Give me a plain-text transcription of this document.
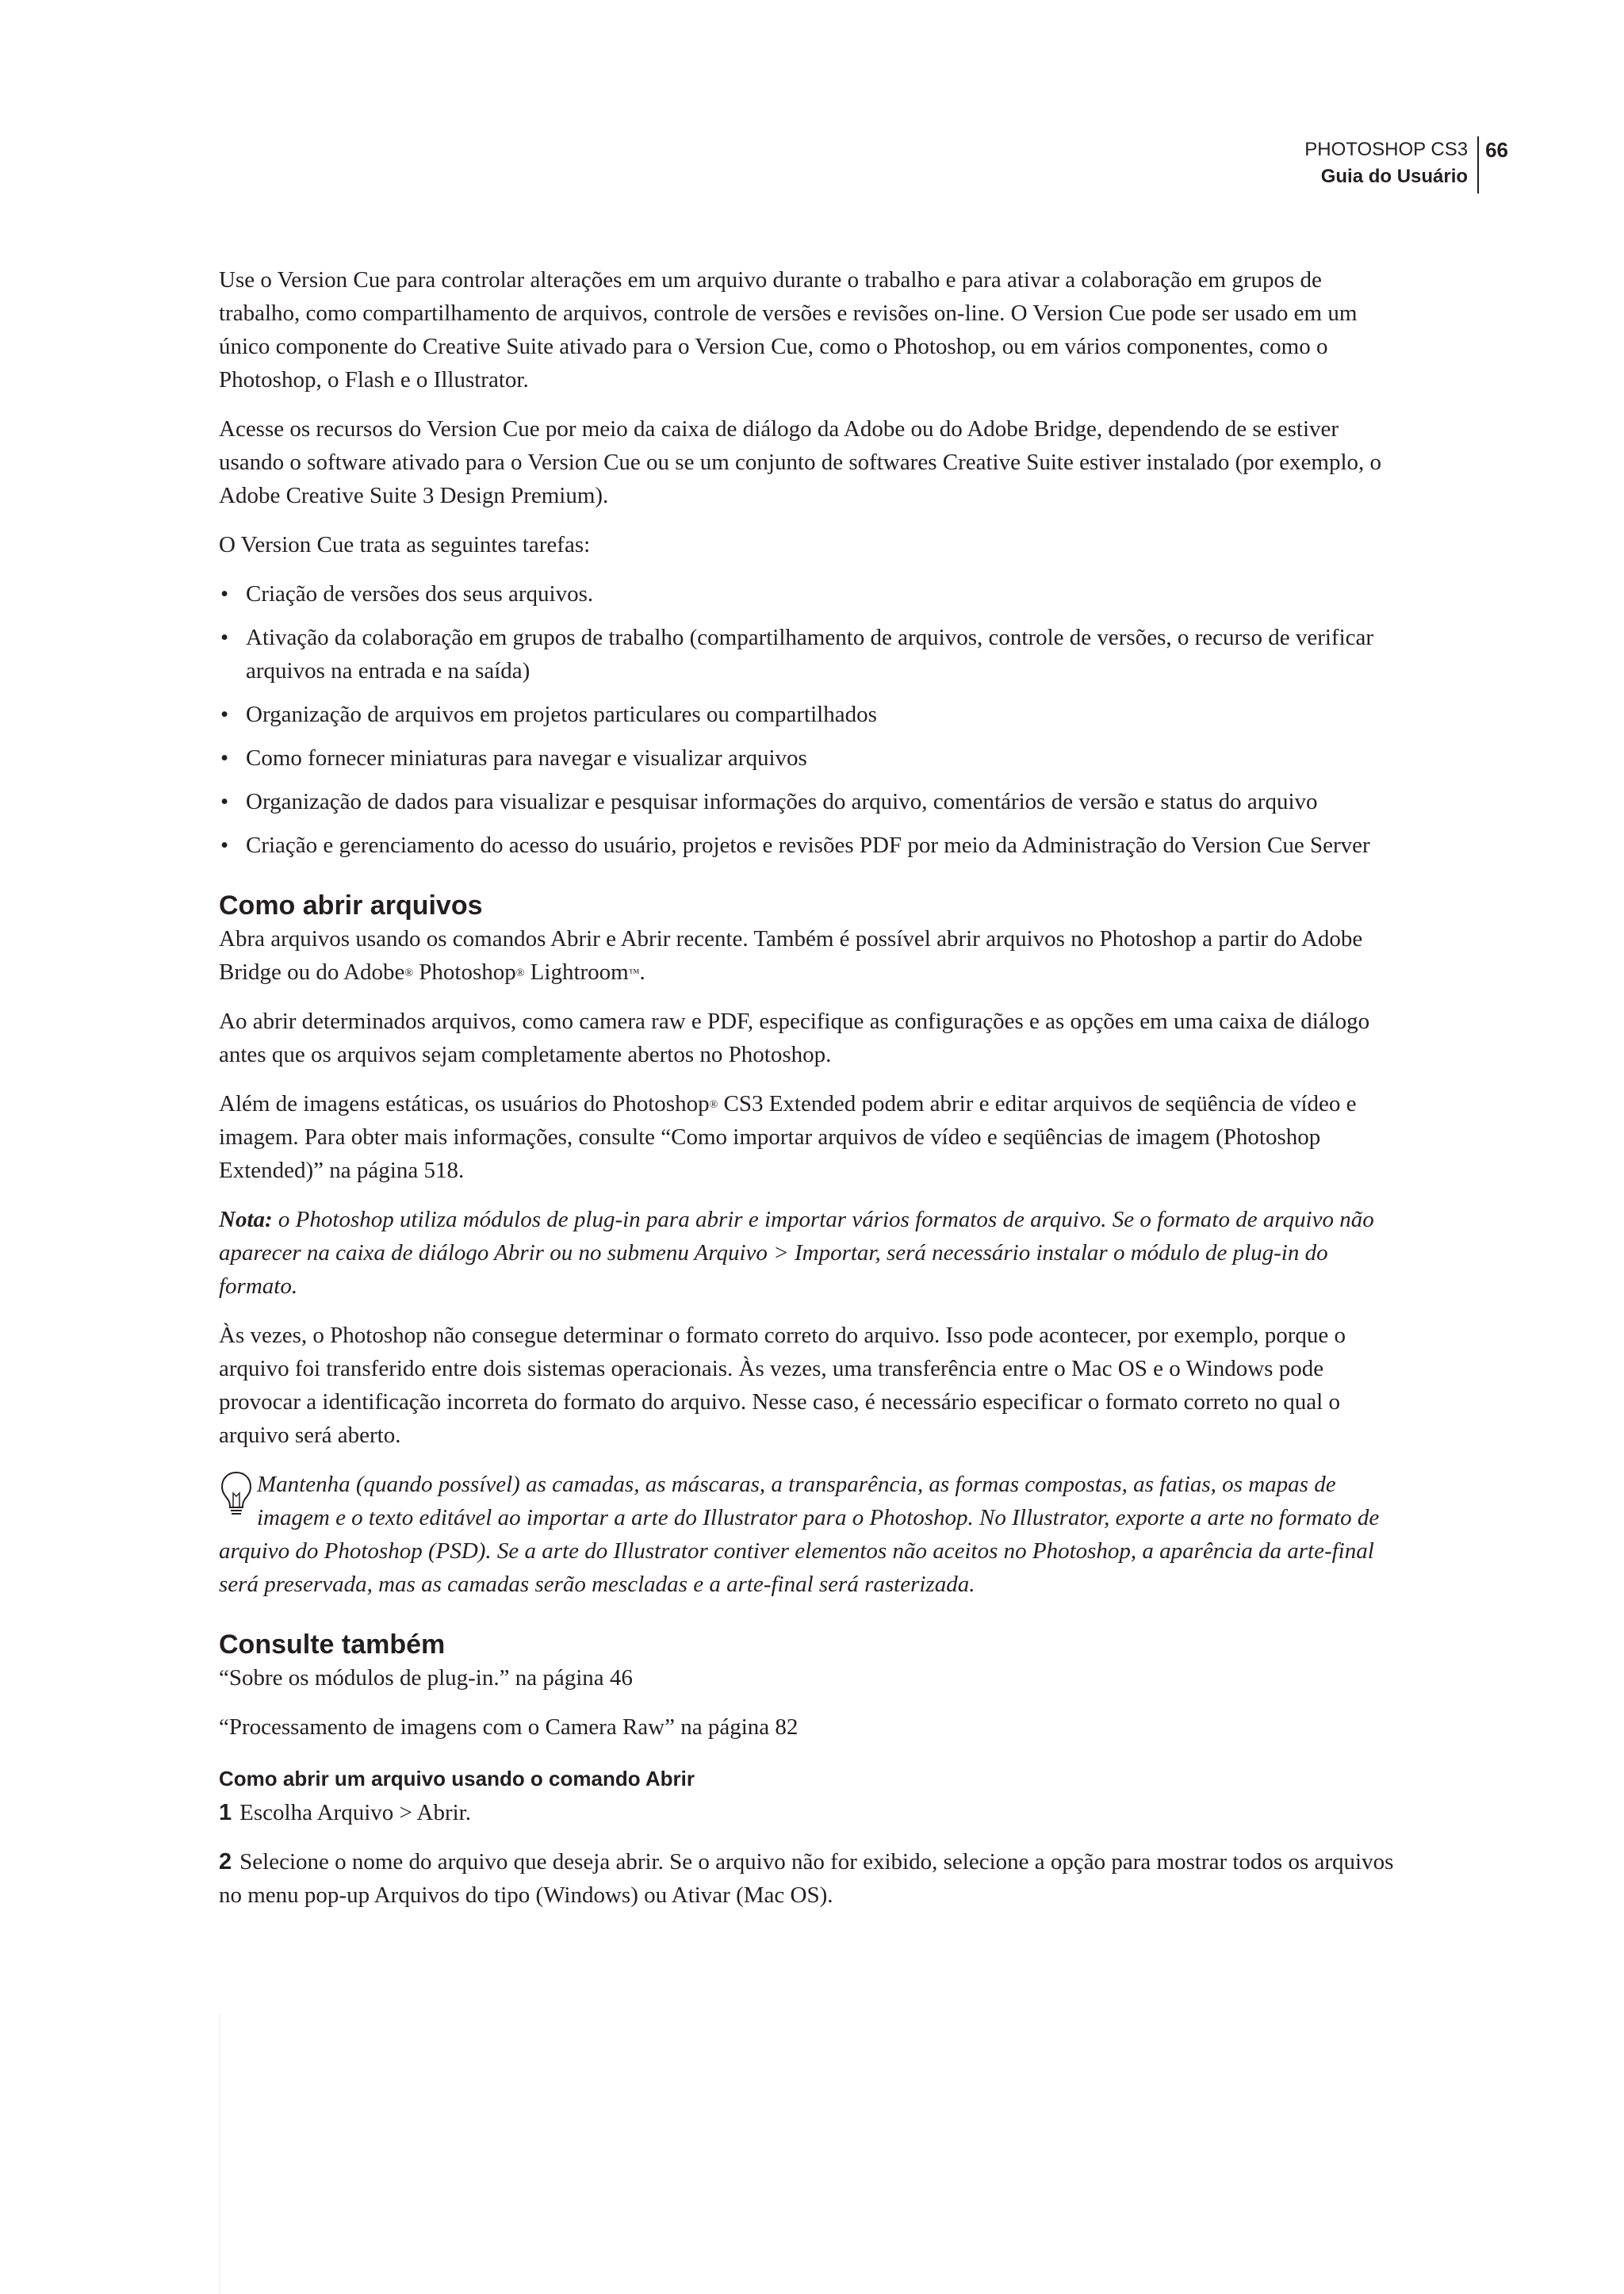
PHOTOSHOP CS3
Guia do Usuário
66

Use o Version Cue para controlar alterações em um arquivo durante o trabalho e para ativar a colaboração em grupos de trabalho, como compartilhamento de arquivos, controle de versões e revisões on-line. O Version Cue pode ser usado em um único componente do Creative Suite ativado para o Version Cue, como o Photoshop, ou em vários componentes, como o Photoshop, o Flash e o Illustrator.

Acesse os recursos do Version Cue por meio da caixa de diálogo da Adobe ou do Adobe Bridge, dependendo de se estiver usando o software ativado para o Version Cue ou se um conjunto de softwares Creative Suite estiver instalado (por exemplo, o Adobe Creative Suite 3 Design Premium).

O Version Cue trata as seguintes tarefas:

• Criação de versões dos seus arquivos.
• Ativação da colaboração em grupos de trabalho (compartilhamento de arquivos, controle de versões, o recurso de verificar arquivos na entrada e na saída)
• Organização de arquivos em projetos particulares ou compartilhados
• Como fornecer miniaturas para navegar e visualizar arquivos
• Organização de dados para visualizar e pesquisar informações do arquivo, comentários de versão e status do arquivo
• Criação e gerenciamento do acesso do usuário, projetos e revisões PDF por meio da Administração do Version Cue Server
Como abrir arquivos

Abra arquivos usando os comandos Abrir e Abrir recente. Também é possível abrir arquivos no Photoshop a partir do Adobe Bridge ou do Adobe® Photoshop® Lightroom™.

Ao abrir determinados arquivos, como camera raw e PDF, especifique as configurações e as opções em uma caixa de diálogo antes que os arquivos sejam completamente abertos no Photoshop.

Além de imagens estáticas, os usuários do Photoshop® CS3 Extended podem abrir e editar arquivos de seqüência de vídeo e imagem. Para obter mais informações, consulte “Como importar arquivos de vídeo e seqüências de imagem (Photoshop Extended)” na página 518.

Nota: o Photoshop utiliza módulos de plug-in para abrir e importar vários formatos de arquivo. Se o formato de arquivo não aparecer na caixa de diálogo Abrir ou no submenu Arquivo > Importar, será necessário instalar o módulo de plug-in do formato.

Às vezes, o Photoshop não consegue determinar o formato correto do arquivo. Isso pode acontecer, por exemplo, porque o arquivo foi transferido entre dois sistemas operacionais. Às vezes, uma transferência entre o Mac OS e o Windows pode provocar a identificação incorreta do formato do arquivo. Nesse caso, é necessário especificar o formato correto no qual o arquivo será aberto.

Mantenha (quando possível) as camadas, as máscaras, a transparência, as formas compostas, as fatias, os mapas de imagem e o texto editável ao importar a arte do Illustrator para o Photoshop. No Illustrator, exporte a arte no formato de arquivo do Photoshop (PSD). Se a arte do Illustrator contiver elementos não aceitos no Photoshop, a aparência da arte-final será preservada, mas as camadas serão mescladas e a arte-final será rasterizada.
Consulte também

“Sobre os módulos de plug-in.” na página 46

“Processamento de imagens com o Camera Raw” na página 82

Como abrir um arquivo usando o comando Abrir

1 Escolha Arquivo > Abrir.

2 Selecione o nome do arquivo que deseja abrir. Se o arquivo não for exibido, selecione a opção para mostrar todos os arquivos no menu pop-up Arquivos do tipo (Windows) ou Ativar (Mac OS).
